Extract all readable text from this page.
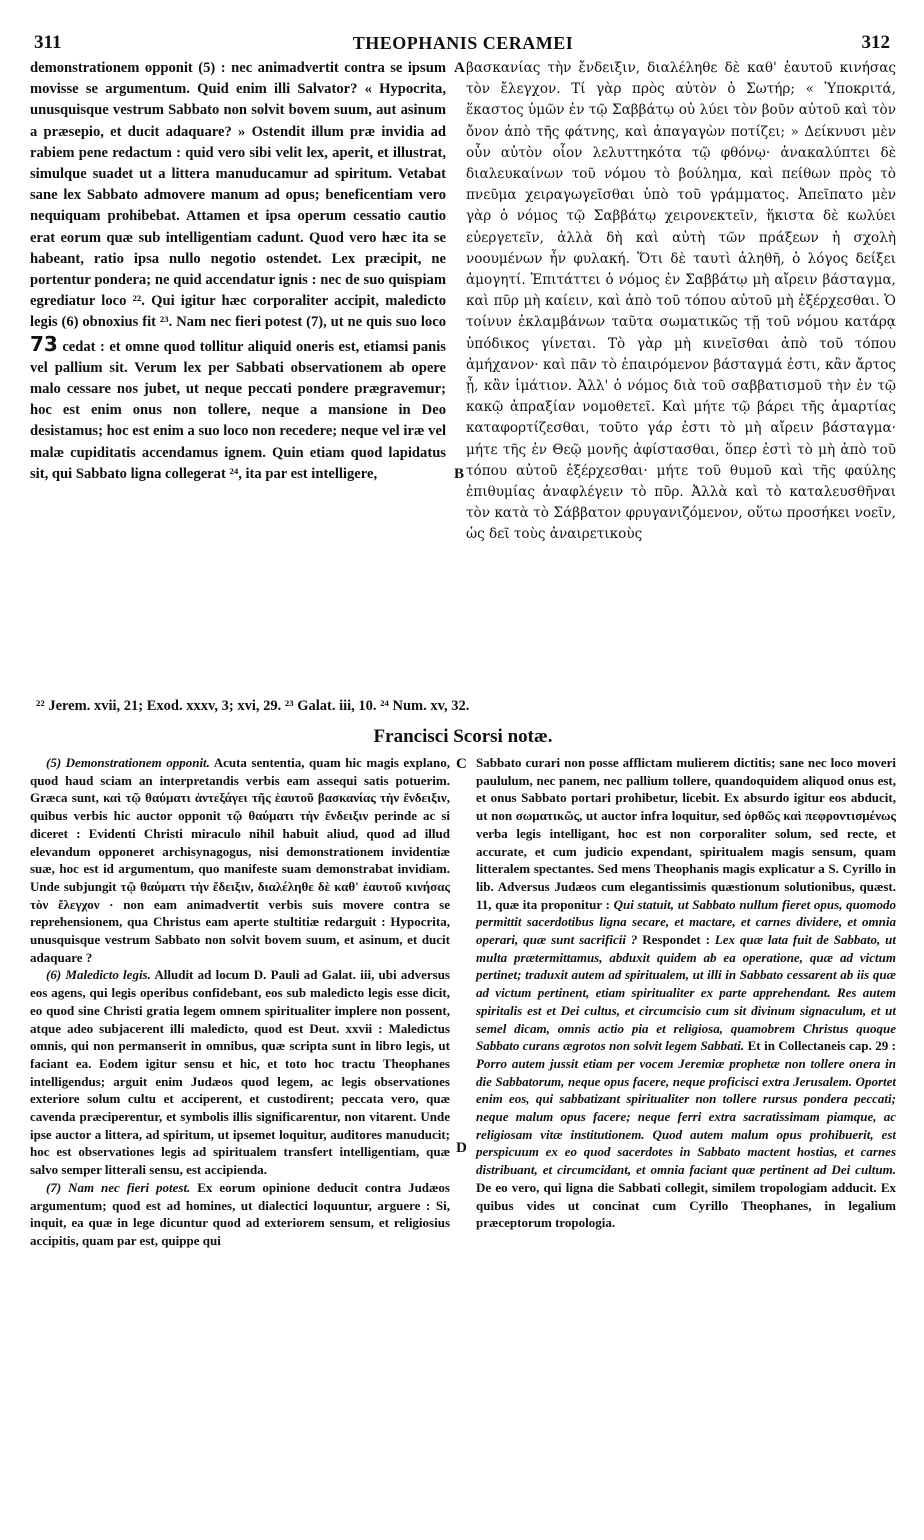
311	THEOPHANIS CERAMEI	312

demonstrationem opponit (5) : nec animadvertit contra se ipsum movisse se argumentum. Quid enim illi Salvator? « Hypocrita, unusquisque vestrum Sabbato non solvit bovem suum, aut asinum a præsepio, et ducit adaquare? » Ostendit illum præ invidia ad rabiem pene redactum : quid vero sibi velit lex, aperit, et illustrat, simulque suadet ut a littera manuducamur ad spiritum. Vetabat sane lex Sabbato admovere manum ad opus; beneficentiam vero nequiquam prohibebat. Attamen et ipsa operum cessatio cautio erat eorum quæ sub intelligentiam cadunt. Quod vero hæc ita se habeant, ratio ipsa nullo negotio ostendet. Lex præcipit, ne portentur pondera; ne quid accendatur ignis : nec de suo quispiam egrediatur loco ²². Qui igitur hæc corporaliter accipit, maledicto legis (6) obnoxius fit ²³. Nam nec fieri potest (7), ut ne quis suo loco 73 cedat : et omne quod tollitur aliquid oneris est, etiamsi panis vel pallium sit. Verum lex per Sabbati observationem ab opere malo cessare nos jubet, ut neque peccati pondere prægravemur; hoc est enim onus non tollere, neque a mansione in Deo desistamus; hoc est enim a suo loco non recedere; neque vel iræ vel malæ cupiditatis accendamus ignem. Quin etiam quod lapidatus sit, qui Sabbato ligna collegerat ²⁴, ita par est intelligere,

βασκανίας τὴν ἔνδειξιν, διαλέληθε δὲ καθ' ἑαυτοῦ κινήσας τὸν ἔλεγχον. Τί γὰρ πρὸς αὐτὸν ὁ Σωτήρ; « Ὑποκριτά, ἕκαστος ὑμῶν ἐν τῷ Σαββάτῳ οὐ λύει τὸν βοῦν αὐτοῦ καὶ τὸν ὄνον ἀπὸ τῆς φάτνης, καὶ ἀπαγαγὼν ποτίζει; » Δείκνυσι μὲν οὖν αὐτὸν οἷον λελυττηκότα τῷ φθόνῳ· ἀνακαλύπτει δὲ διαλευκαίνων τοῦ νόμου τὸ βούλημα, καὶ πείθων πρὸς τὸ πνεῦμα χειραγωγεῖσθαι ὑπὸ τοῦ γράμματος. Ἀπεῖπατο μὲν γὰρ ὁ νόμος τῷ Σαββάτῳ χειρονεκτεῖν, ἥκιστα δὲ κωλύει εὐεργετεῖν, ἀλλὰ δὴ καὶ αὐτὴ τῶν πράξεων ἡ σχολὴ νοουμένων ἦν φυλακή. Ὅτι δὲ ταυτὶ ἀληθῆ, ὁ λόγος δείξει ἀμογητί. Ἐπιτάττει ὁ νόμος ἐν Σαββάτῳ μὴ αἴρειν βάσταγμα, καὶ πῦρ μὴ καίειν, καὶ ἀπὸ τοῦ τόπου αὐτοῦ μὴ ἐξέρχεσθαι. Ὁ τοίνυν ἐκλαμβάνων ταῦτα σωματικῶς τῇ τοῦ νόμου κατάρᾳ ὑπόδικος γίνεται. Τὸ γὰρ μὴ κινεῖσθαι ἀπὸ τοῦ τόπου ἀμήχανον· καὶ πᾶν τὸ ἐπαιρόμενον βάσταγμά ἐστι, κἂν ἄρτος ᾖ, κἂν ἱμάτιον. Ἀλλ' ὁ νόμος διὰ τοῦ σαββατισμοῦ τὴν ἐν τῷ κακῷ ἀπραξίαν νομοθετεῖ. Καὶ μήτε τῷ βάρει τῆς ἁμαρτίας καταφορτίζεσθαι, τοῦτο γάρ ἐστι τὸ μὴ αἴρειν βάσταγμα· μήτε τῆς ἐν Θεῷ μονῆς ἀφίστασθαι, ὅπερ ἐστὶ τὸ μὴ ἀπὸ τοῦ τόπου αὐτοῦ ἐξέρχεσθαι· μήτε τοῦ θυμοῦ καὶ τῆς φαύλης ἐπιθυμίας ἀναφλέγειν τὸ πῦρ. Ἀλλὰ καὶ τὸ καταλευσθῆναι τὸν κατὰ τὸ Σάββατον φρυγανιζόμενον, οὕτω προσήκει νοεῖν, ὡς δεῖ τοὺς ἀναιρετικοὺς

A
B
²² Jerem. xvii, 21; Exod. xxxv, 3; xvi, 29. ²³ Galat. iii, 10. ²⁴ Num. xv, 32.
Francisci Scorsi notæ.

(5) Demonstrationem opponit. Acuta sententia, quam hic magis explano, quod haud sciam an interpretandis verbis eam assequi satis potuerim. Græca sunt, καὶ τῷ θαύματι ἀντεξάγει τῆς ἑαυτοῦ βασκανίας τὴν ἔνδειξιν, quibus verbis hic auctor opponit τῷ θαύματι τὴν ἔνδειξιν perinde ac si diceret : Evidenti Christi miraculo nihil habuit aliud, quod ad illud elevandum opponeret archisynagogus, nisi demonstrationem invidentiæ suæ, hoc est id argumentum, quo manifeste suam demonstrabat invidiam. Unde subjungit τῷ θαύματι τὴν ἔδειξιν, διαλέληθε δὲ καθ' ἑαυτοῦ κινήσας τὸν ἔλεγχον · non eam animadvertit verbis suis movere contra se reprehensionem, qua Christus eam aperte stultitiæ redarguit : Hypocrita, unusquisque vestrum Sabbato non solvit bovem suum, et asinum, et ducit adaquare ?

(6) Maledicto legis. Alludit ad locum D. Pauli ad Galat. iii, ubi adversus eos agens, qui legis operibus confidebant, eos sub maledicto legis esse dicit, eo quod sine Christi gratia legem omnem spiritualiter implere non possent, atque adeo subjacerent illi maledicto, quod est Deut. xxvii : Maledictus omnis, qui non permanserit in omnibus, quæ scripta sunt in libro legis, ut faciant ea. Eodem igitur sensu et hic, et toto hoc tractu Theophanes intelligendus; arguit enim Judæos quod legem, ac legis observationes exteriore solum cultu et acciperent, et custodirent; peccata vero, quæ cavenda præciperentur, et symbolis illis significarentur, non vitarent. Unde ipse auctor a littera, ad spiritum, ut ipsemet loquitur, auditores manuducit; hoc est observationes legis ad spiritualem transfert intelligentiam, quæ salvo semper litterali sensu, est accipienda.

(7) Nam nec fieri potest. Ex eorum opinione deducit contra Judæos argumentum; quod est ad homines, ut dialectici loquuntur, arguere : Si, inquit, ea quæ in lege dicuntur quod ad exteriorem sensum, et religiosius accipitis, quam par est, quippe qui

Sabbato curari non posse afflictam mulierem dictitis; sane nec loco moveri paululum, nec panem, nec pallium tollere, quandoquidem aliquod onus est, et onus Sabbato portari prohibetur, licebit. Ex absurdo igitur eos abducit, ut non σωματικῶς, ut auctor infra loquitur, sed ὀρθῶς καὶ πεφροντισμένως verba legis intelligant, hoc est non corporaliter solum, sed recte, et accurate, et cum judicio expendant, spiritualem magis sensum, quam litteralem spectantes. Sed mens Theophanis magis explicatur a S. Cyrillo in lib. Adversus Judæos cum elegantissimis quæstionum solutionibus, quæst. 11, quæ ita proponitur : Qui statuit, ut Sabbato nullum fieret opus, quomodo permittit sacerdotibus ligna secare, et mactare, et carnes dividere, et omnia operari, quæ sunt sacrificii ? Respondet : Lex quæ lata fuit de Sabbato, ut multa prætermittamus, abduxit quidem ab ea operatione, quæ ad victum pertinet; traduxit autem ad spiritualem, ut illi in Sabbato cessarent ab iis quæ ad victum pertinent, etiam spiritualiter ex parte apprehendant. Res autem spiritalis est et Dei cultus, et circumcisio cum sit divinum signaculum, et ut semel dicam, omnis actio pia et religiosa, quamobrem Christus quoque Sabbato curans ægrotos non solvit legem Sabbati. Et in Collectaneis cap. 29 : Porro autem jussit etiam per vocem Jeremiæ prophetæ non tollere onera in die Sabbatorum, neque opus facere, neque proficisci extra Jerusalem. Oportet enim eos, qui sabbatizant spiritualiter non tollere rursus pondera peccati; neque malum opus facere; neque ferri extra sacratissimam piamque, ac religiosam vitæ institutionem. Quod autem malum opus prohibuerit, est perspicuum ex eo quod sacerdotes in Sabbato mactent hostias, et carnes distribuant, et circumcidant, et omnia faciant quæ pertinent ad Dei cultum. De eo vero, qui ligna die Sabbati collegit, similem tropologiam adducit. Ex quibus vides ut concinat cum Cyrillo Theophanes, in legalium præceptorum tropologia.

C
D
